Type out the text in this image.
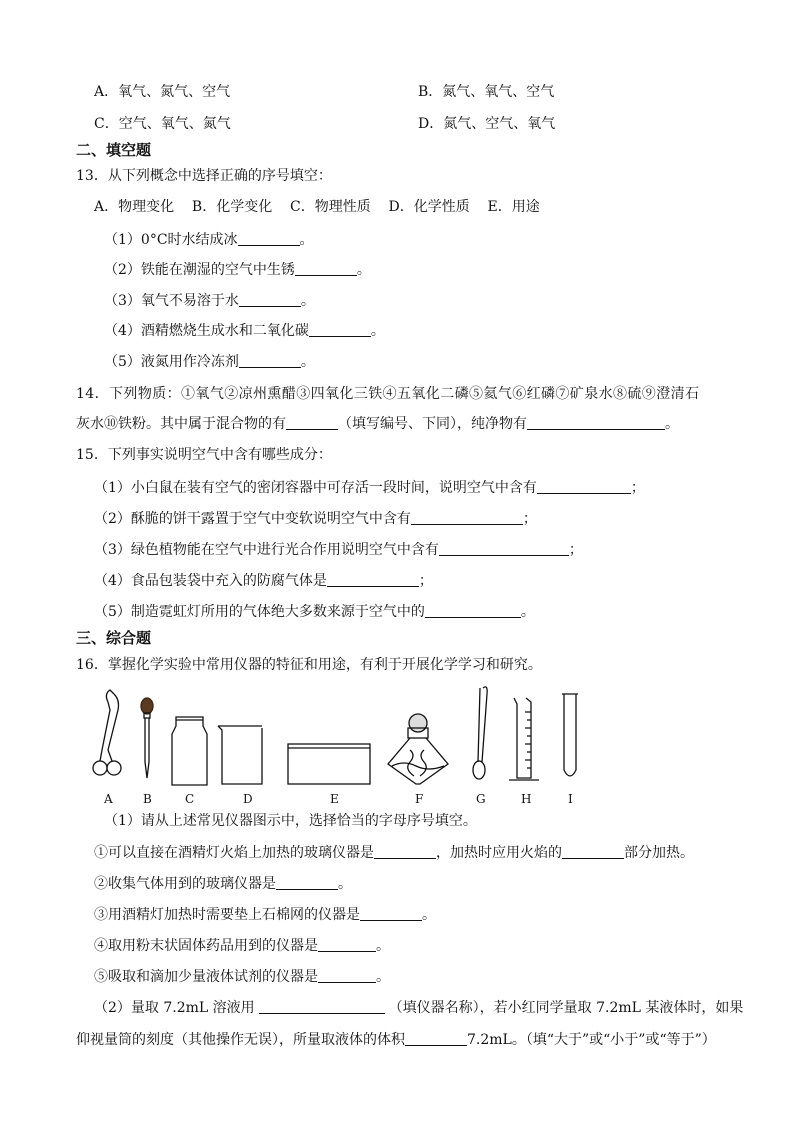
A．氧气、氮气、空气	B．氮气、氧气、空气
C．空气、氧气、氮气	D．氮气、空气、氧气
二、填空题
13．从下列概念中选择正确的序号填空：
A．物理变化    B．化学变化    C．物理性质    D．化学性质    E．用途
（1）0°C时水结成冰	。
（2）铁能在潮湿的空气中生锈	。
（3）氧气不易溶于水	。
（4）酒精燃烧生成水和二氧化碳	。
（5）液氮用作冷冻剂	。
14．下列物质：①氧气②凉州熏醋③四氧化三铁④五氧化二磷⑤氦气⑥红磷⑦矿泉水⑧硫⑨澄清石
灰水⑩铁粉。其中属于混合物的有	（填写编号、下同），纯净物有	。
15．下列事实说明空气中含有哪些成分：
（1）小白鼠在装有空气的密闭容器中可存活一段时间，说明空气中含有	；
（2）酥脆的饼干露置于空气中变软说明空气中含有	；
（3）绿色植物能在空气中进行光合作用说明空气中含有	；
（4）食品包装袋中充入的防腐气体是	；
（5）制造霓虹灯所用的气体绝大多数来源于空气中的	。
三、综合题
16．掌握化学实验中常用仪器的特征和用途，有利于开展化学学习和研究。
A	B	C	D	E	F	G	H	I
（1）请从上述常见仪器图示中，选择恰当的字母序号填空。
①可以直接在酒精灯火焰上加热的玻璃仪器是	，加热时应用火焰的	部分加热。
②收集气体用到的玻璃仪器是	。
③用酒精灯加热时需要垫上石棉网的仪器是	。
④取用粉末状固体药品用到的仪器是	。
⑤吸取和滴加少量液体试剂的仪器是	。
（2）量取 7.2mL 溶液用	（填仪器名称），若小红同学量取 7.2mL 某液体时，如果
仰视量筒的刻度（其他操作无误），所量取液体的体积	7.2mL。（填“大于”或“小于”或“等于”）
